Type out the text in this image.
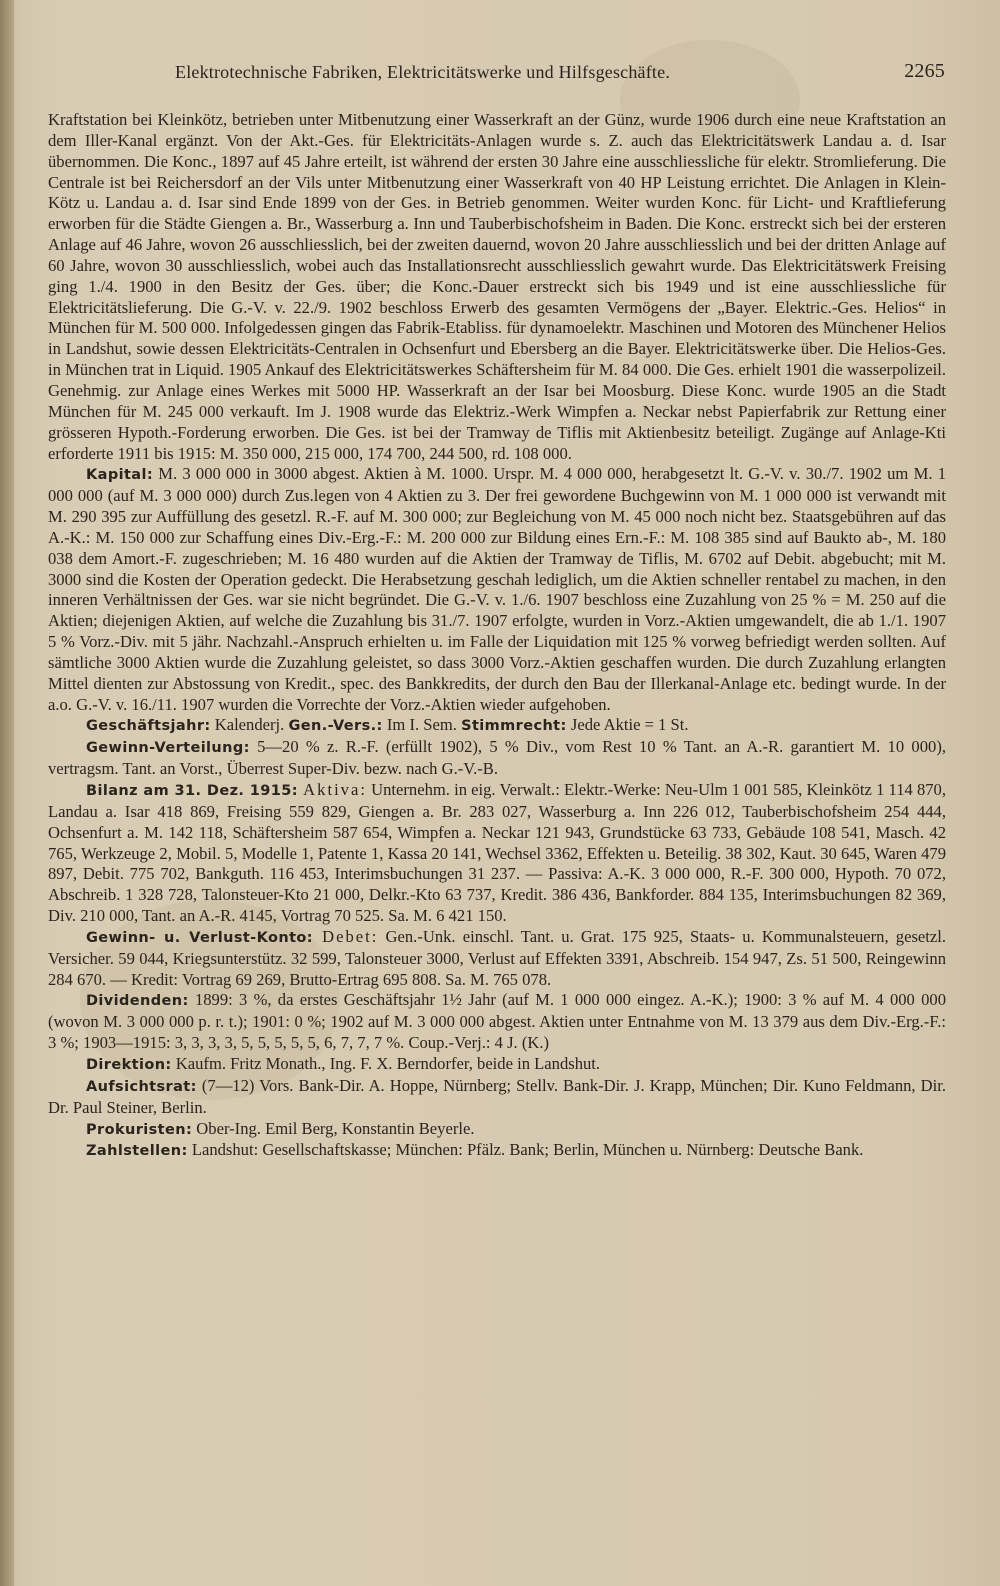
Elektrotechnische Fabriken, Elektricitätswerke und Hilfsgeschäfte.	2265

Kraftstation bei Kleinkötz, betrieben unter Mitbenutzung einer Wasserkraft an der Günz, wurde 1906 durch eine neue Kraftstation an dem Iller-Kanal ergänzt. Von der Akt.-Ges. für Elektricitäts-Anlagen wurde s. Z. auch das Elektricitätswerk Landau a. d. Isar übernommen. Die Konc., 1897 auf 45 Jahre erteilt, ist während der ersten 30 Jahre eine ausschliessliche für elektr. Stromlieferung. Die Centrale ist bei Reichersdorf an der Vils unter Mitbenutzung einer Wasserkraft von 40 HP Leistung errichtet. Die Anlagen in Klein-Kötz u. Landau a. d. Isar sind Ende 1899 von der Ges. in Betrieb genommen. Weiter wurden Konc. für Licht- und Kraftlieferung erworben für die Städte Giengen a. Br., Wasserburg a. Inn und Tauberbischofsheim in Baden. Die Konc. erstreckt sich bei der ersteren Anlage auf 46 Jahre, wovon 26 ausschliesslich, bei der zweiten dauernd, wovon 20 Jahre ausschliesslich und bei der dritten Anlage auf 60 Jahre, wovon 30 ausschliesslich, wobei auch das Installationsrecht ausschliesslich gewahrt wurde. Das Elektricitätswerk Freising ging 1./4. 1900 in den Besitz der Ges. über; die Konc.-Dauer erstreckt sich bis 1949 und ist eine ausschliessliche für Elektricitätslieferung. Die G.-V. v. 22./9. 1902 beschloss Erwerb des gesamten Vermögens der „Bayer. Elektric.-Ges. Helios“ in München für M. 500 000. Infolgedessen gingen das Fabrik-Etabliss. für dynamoelektr. Maschinen und Motoren des Münchener Helios in Landshut, sowie dessen Elektricitäts-Centralen in Ochsenfurt und Ebersberg an die Bayer. Elektricitätswerke über. Die Helios-Ges. in München trat in Liquid. 1905 Ankauf des Elektricitätswerkes Schäftersheim für M. 84 000. Die Ges. erhielt 1901 die wasserpolizeil. Genehmig. zur Anlage eines Werkes mit 5000 HP. Wasserkraft an der Isar bei Moosburg. Diese Konc. wurde 1905 an die Stadt München für M. 245 000 verkauft. Im J. 1908 wurde das Elektriz.-Werk Wimpfen a. Neckar nebst Papierfabrik zur Rettung einer grösseren Hypoth.-Forderung erworben. Die Ges. ist bei der Tramway de Tiflis mit Aktienbesitz beteiligt. Zugänge auf Anlage-Kti erforderte 1911 bis 1915: M. 350 000, 215 000, 174 700, 244 500, rd. 108 000.

Kapital: M. 3 000 000 in 3000 abgest. Aktien à M. 1000. Urspr. M. 4 000 000, herabgesetzt lt. G.-V. v. 30./7. 1902 um M. 1 000 000 (auf M. 3 000 000) durch Zus.legen von 4 Aktien zu 3. Der frei gewordene Buchgewinn von M. 1 000 000 ist verwandt mit M. 290 395 zur Auffüllung des gesetzl. R.-F. auf M. 300 000; zur Begleichung von M. 45 000 noch nicht bez. Staatsgebühren auf das A.-K.: M. 150 000 zur Schaffung eines Div.-Erg.-F.: M. 200 000 zur Bildung eines Ern.-F.: M. 108 385 sind auf Baukto ab-, M. 180 038 dem Amort.-F. zugeschrieben; M. 16 480 wurden auf die Aktien der Tramway de Tiflis, M. 6702 auf Debit. abgebucht; mit M. 3000 sind die Kosten der Operation gedeckt. Die Herabsetzung geschah lediglich, um die Aktien schneller rentabel zu machen, in den inneren Verhältnissen der Ges. war sie nicht begründet. Die G.-V. v. 1./6. 1907 beschloss eine Zuzahlung von 25 % = M. 250 auf die Aktien; diejenigen Aktien, auf welche die Zuzahlung bis 31./7. 1907 erfolgte, wurden in Vorz.-Aktien umgewandelt, die ab 1./1. 1907 5 % Vorz.-Div. mit 5 jähr. Nachzahl.-Anspruch erhielten u. im Falle der Liquidation mit 125 % vorweg befriedigt werden sollten. Auf sämtliche 3000 Aktien wurde die Zuzahlung geleistet, so dass 3000 Vorz.-Aktien geschaffen wurden. Die durch Zuzahlung erlangten Mittel dienten zur Abstossung von Kredit., spec. des Bankkredits, der durch den Bau der Illerkanal-Anlage etc. bedingt wurde. In der a.o. G.-V. v. 16./11. 1907 wurden die Vorrechte der Vorz.-Aktien wieder aufgehoben.

Geschäftsjahr: Kalenderj. Gen.-Vers.: Im I. Sem. Stimmrecht: Jede Aktie = 1 St.

Gewinn-Verteilung: 5—20 % z. R.-F. (erfüllt 1902), 5 % Div., vom Rest 10 % Tant. an A.-R. garantiert M. 10 000), vertragsm. Tant. an Vorst., Überrest Super-Div. bezw. nach G.-V.-B.

Bilanz am 31. Dez. 1915: Aktiva: Unternehm. in eig. Verwalt.: Elektr.-Werke: Neu-Ulm 1 001 585, Kleinkötz 1 114 870, Landau a. Isar 418 869, Freising 559 829, Giengen a. Br. 283 027, Wasserburg a. Inn 226 012, Tauberbischofsheim 254 444, Ochsenfurt a. M. 142 118, Schäftersheim 587 654, Wimpfen a. Neckar 121 943, Grundstücke 63 733, Gebäude 108 541, Masch. 42 765, Werkzeuge 2, Mobil. 5, Modelle 1, Patente 1, Kassa 20 141, Wechsel 3362, Effekten u. Beteilig. 38 302, Kaut. 30 645, Waren 479 897, Debit. 775 702, Bankguth. 116 453, Interimsbuchungen 31 237. — Passiva: A.-K. 3 000 000, R.-F. 300 000, Hypoth. 70 072, Abschreib. 1 328 728, Talonsteuer-Kto 21 000, Delkr.-Kto 63 737, Kredit. 386 436, Bankforder. 884 135, Interimsbuchungen 82 369, Div. 210 000, Tant. an A.-R. 4145, Vortrag 70 525. Sa. M. 6 421 150.

Gewinn- u. Verlust-Konto: Debet: Gen.-Unk. einschl. Tant. u. Grat. 175 925, Staats- u. Kommunalsteuern, gesetzl. Versicher. 59 044, Kriegsunterstütz. 32 599, Talonsteuer 3000, Verlust auf Effekten 3391, Abschreib. 154 947, Zs. 51 500, Reingewinn 284 670. — Kredit: Vortrag 69 269, Brutto-Ertrag 695 808. Sa. M. 765 078.

Dividenden: 1899: 3 %, da erstes Geschäftsjahr 1½ Jahr (auf M. 1 000 000 eingez. A.-K.); 1900: 3 % auf M. 4 000 000 (wovon M. 3 000 000 p. r. t.); 1901: 0 %; 1902 auf M. 3 000 000 abgest. Aktien unter Entnahme von M. 13 379 aus dem Div.-Erg.-F.: 3 %; 1903—1915: 3, 3, 3, 3, 5, 5, 5, 5, 5, 6, 7, 7, 7 %. Coup.-Verj.: 4 J. (K.)

Direktion: Kaufm. Fritz Monath., Ing. F. X. Berndorfer, beide in Landshut.

Aufsichtsrat: (7—12) Vors. Bank-Dir. A. Hoppe, Nürnberg; Stellv. Bank-Dir. J. Krapp, München; Dir. Kuno Feldmann, Dir. Dr. Paul Steiner, Berlin.

Prokuristen: Ober-Ing. Emil Berg, Konstantin Beyerle.

Zahlstellen: Landshut: Gesellschaftskasse; München: Pfälz. Bank; Berlin, München u. Nürnberg: Deutsche Bank.
